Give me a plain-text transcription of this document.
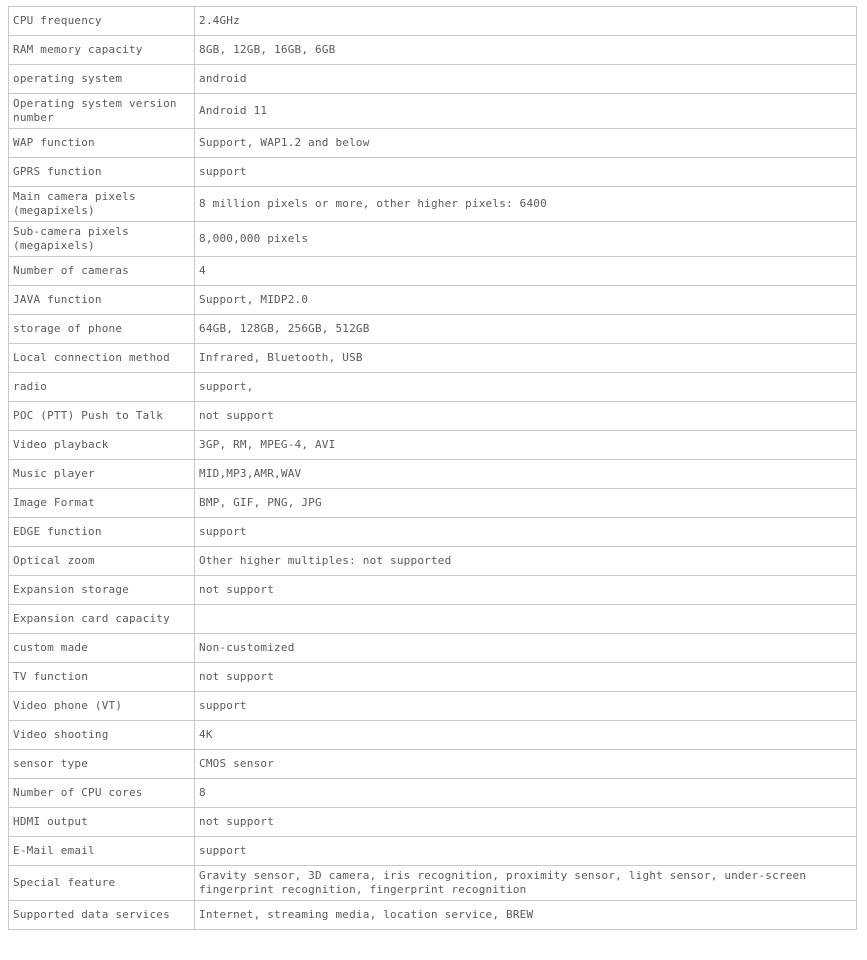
CPU frequency	2.4GHz
RAM memory capacity	8GB, 12GB, 16GB, 6GB
operating system	android
Operating system version number	Android 11
WAP function	Support, WAP1.2 and below
GPRS function	support
Main camera pixels (megapixels)	8 million pixels or more, other higher pixels: 6400
Sub-camera pixels (megapixels)	8,000,000 pixels
Number of cameras	4
JAVA function	Support, MIDP2.0
storage of phone	64GB, 128GB, 256GB, 512GB
Local connection method	Infrared, Bluetooth, USB
radio	support,
POC (PTT) Push to Talk	not support
Video playback	3GP, RM, MPEG-4, AVI
Music player	MID,MP3,AMR,WAV
Image Format	BMP, GIF, PNG, JPG
EDGE function	support
Optical zoom	Other higher multiples: not supported
Expansion storage	not support
Expansion card capacity	
custom made	Non-customized
TV function	not support
Video phone (VT)	support
Video shooting	4K
sensor type	CMOS sensor
Number of CPU cores	8
HDMI output	not support
E-Mail email	support
Special feature	Gravity sensor, 3D camera, iris recognition, proximity sensor, light sensor, under-screen fingerprint recognition, fingerprint recognition
Supported data services	Internet, streaming media, location service, BREW
